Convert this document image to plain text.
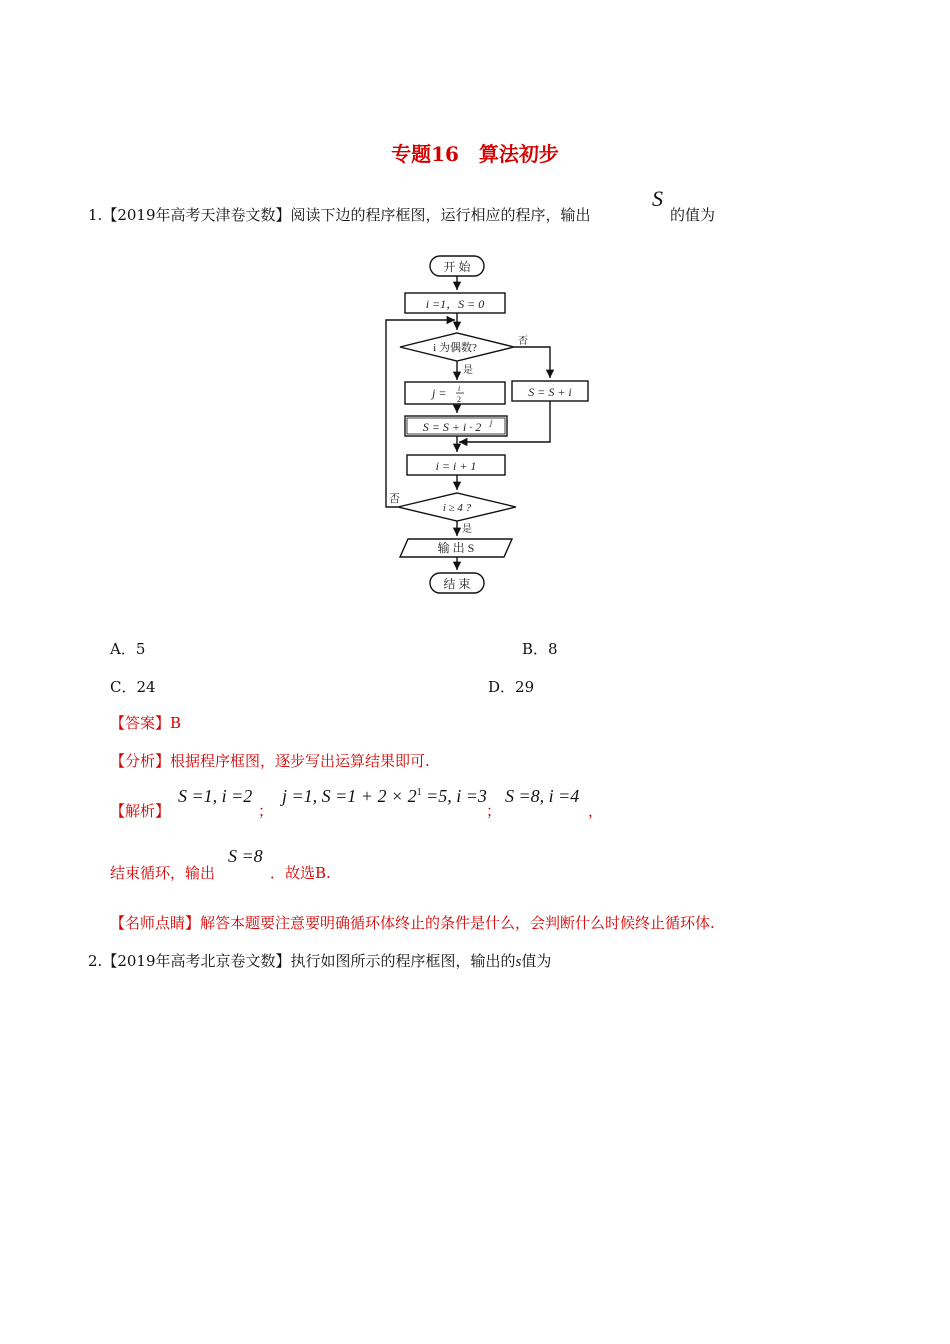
专题16　算法初步
1.【2019年高考天津卷文数】阅读下边的程序框图，运行相应的程序，输出
S
的值为
开 始
i =1，S = 0
i 为偶数?
是
否
j = i
2
S = S + i · 2 j
S = S + i
i = i + 1
i ≥ 4 ?
否
是
输 出 S
结 束
A．5	B．8
C．24	D．29
【答案】B
【分析】根据程序框图，逐步写出运算结果即可.
【解析】
S =1, i =2
；
j =1, $S =1 + 2 \times 2^1 =5$, i =3
；
S =8, i =4
，
结束循环，输出
S =8
．故选B.
【名师点睛】解答本题要注意要明确循环体终止的条件是什么，会判断什么时候终止循环体.
2.【2019年高考北京卷文数】执行如图所示的程序框图，输出的s值为
